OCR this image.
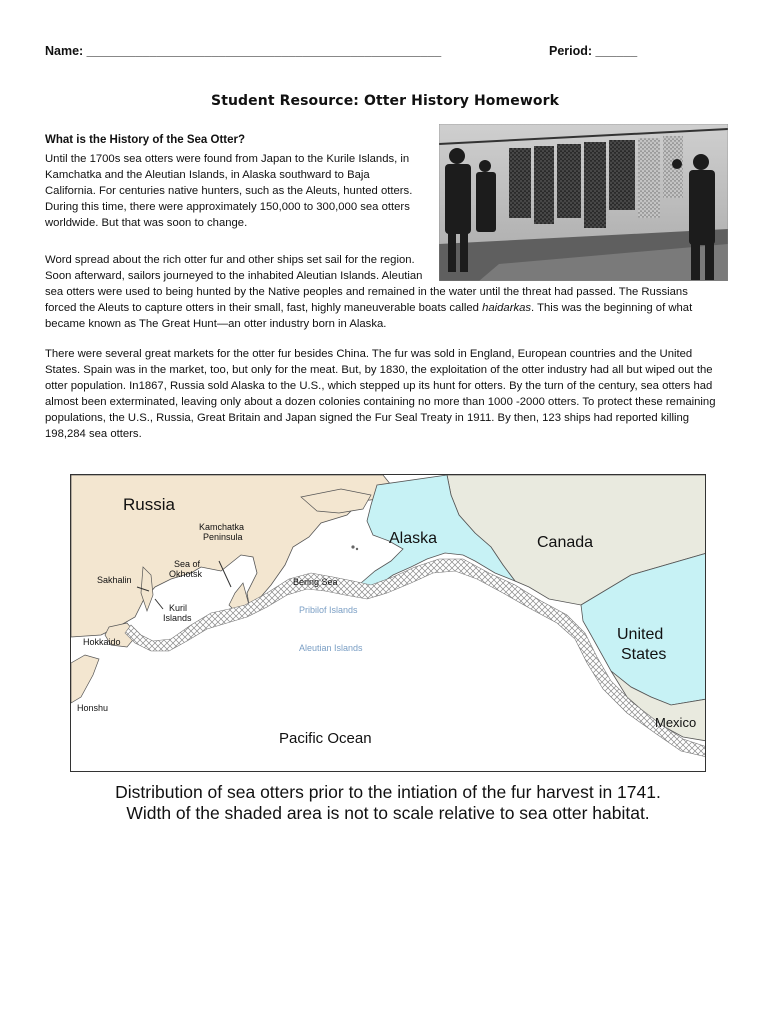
Name: ___________________________________________________	Period: ______
Student Resource: Otter History Homework
What is the History of the Sea Otter?

Until the 1700s sea otters were found from Japan to the Kurile Islands, in Kamchatka and the Aleutian Islands, in Alaska southward to Baja California. For centuries native hunters, such as the Aleuts, hunted otters. During this time, there were approximately 150,000 to 300,000 sea otters worldwide. But that was soon to change.

Word spread about the rich otter fur and other ships set sail for the region.
Soon afterward, sailors journeyed to the inhabited Aleutian Islands. Aleutian
sea otters were used to being hunted by the Native peoples and remained in the water until the threat had passed. The Russians forced the Aleuts to capture otters in their small, fast, highly maneuverable boats called haidarkas. This was the beginning of what became known as The Great Hunt—an otter industry born in Alaska.

There were several great markets for the otter fur besides China. The fur was sold in England, European countries and the United States. Spain was in the market, too, but only for the meat. But, by 1830, the exploitation of the otter industry had all but wiped out the otter population. In1867, Russia sold Alaska to the U.S., which stepped up its hunt for otters. By the turn of the century, sea otters had almost been exterminated, leaving only about a dozen colonies containing no more than 1000 -2000 otters. To protect these remaining populations, the U.S., Russia, Great Britain and Japan signed the Fur Seal Treaty in 1911. By then, 123 ships had reported killing 198,284 sea otters.

Russia
Kamchatka
Peninsula
Sea of
Okhotsk
Sakhalin
Kuril
Islands
Hokkaido
Honshu
Bering Sea
Pribilof Islands
Aleutian Islands
Alaska	Canada
United
States
Mexico
Pacific Ocean
Distribution of sea otters prior to the intiation of the fur harvest in 1741.
Width of the shaded area is not to scale relative to sea otter habitat.
